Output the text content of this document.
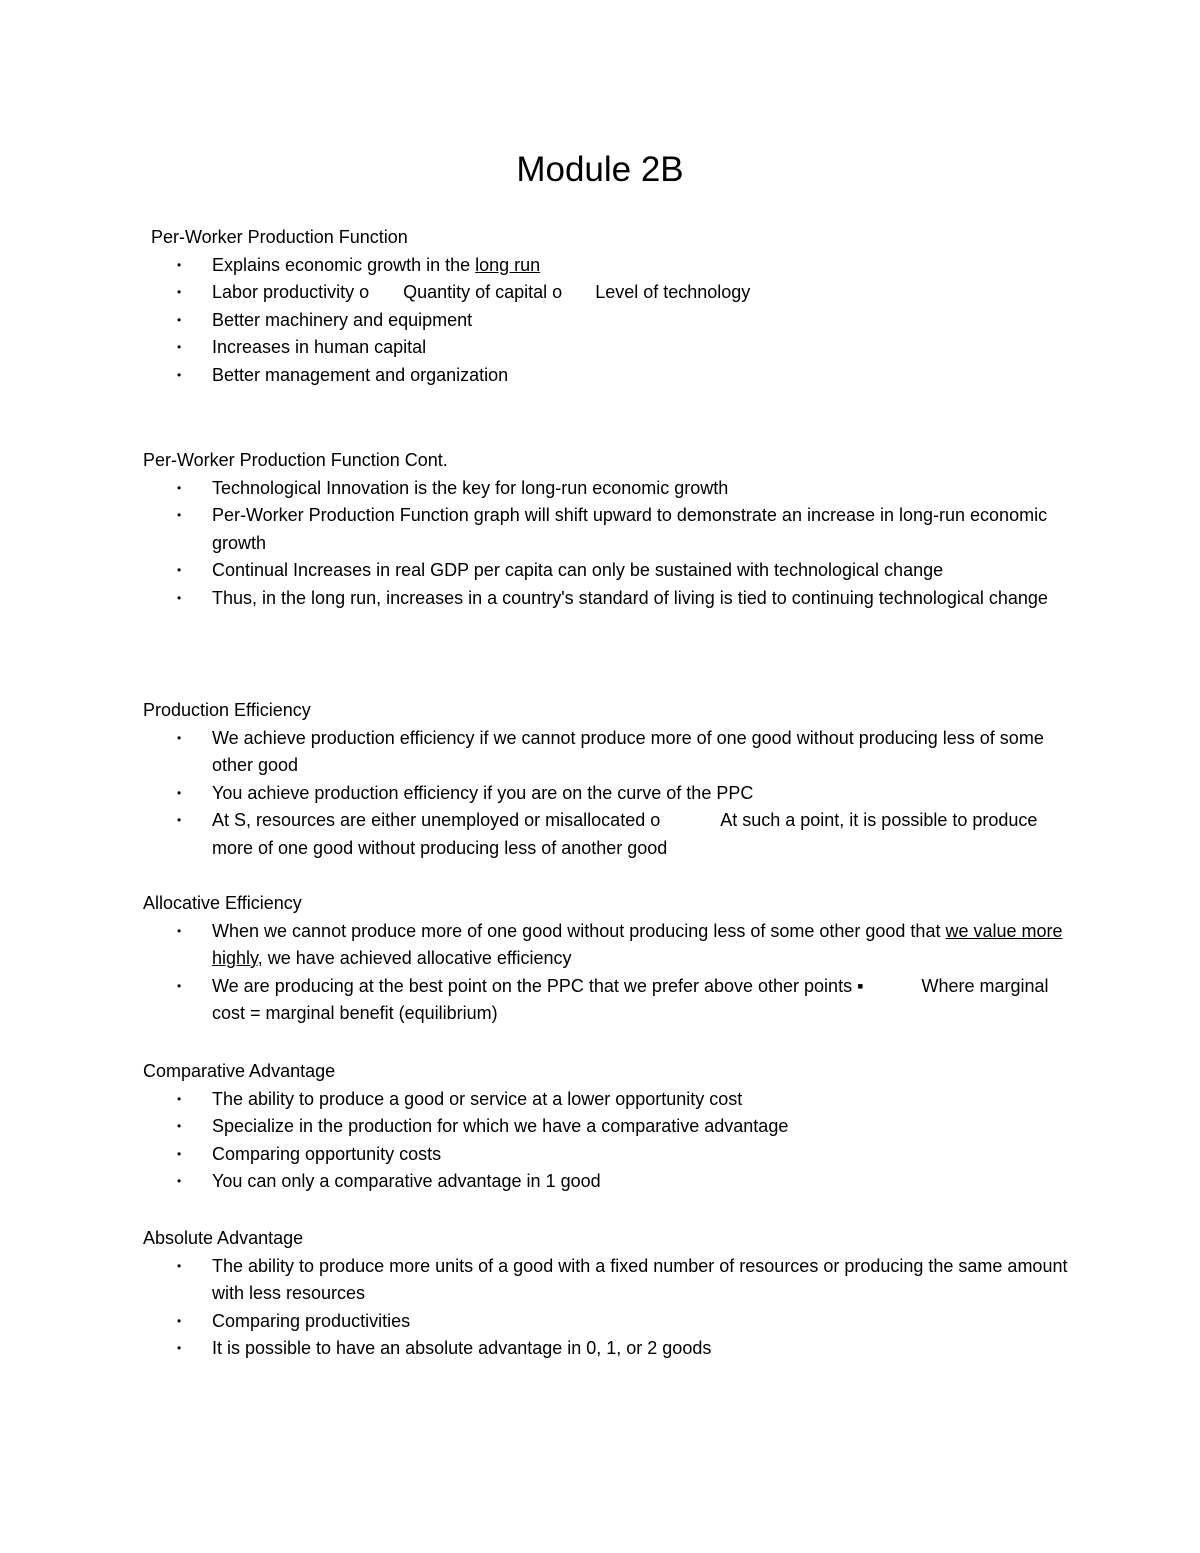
Module 2B
Per-Worker Production Function
• Explains economic growth in the long run
• Labor productivity o Quantity of capital o Level of technology
• Better machinery and equipment
• Increases in human capital
• Better management and organization
Per-Worker Production Function Cont.
• Technological Innovation is the key for long-run economic growth
• Per-Worker Production Function graph will shift upward to demonstrate an increase in long-run economic growth
• Continual Increases in real GDP per capita can only be sustained with technological change
• Thus, in the long run, increases in a country's standard of living is tied to continuing technological change
Production Efficiency
• We achieve production efficiency if we cannot produce more of one good without producing less of some other good
• You achieve production efficiency if you are on the curve of the PPC
• At S, resources are either unemployed or misallocated o	At such a point, it is possible to produce more of one good without producing less of another good
Allocative Efficiency
• When we cannot produce more of one good without producing less of some other good that we value more highly, we have achieved allocative efficiency
• We are producing at the best point on the PPC that we prefer above other points ▪	Where marginal cost = marginal benefit (equilibrium)
Comparative Advantage
• The ability to produce a good or service at a lower opportunity cost
• Specialize in the production for which we have a comparative advantage
• Comparing opportunity costs
• You can only a comparative advantage in 1 good
Absolute Advantage
• The ability to produce more units of a good with a fixed number of resources or producing the same amount with less resources
• Comparing productivities
• It is possible to have an absolute advantage in 0, 1, or 2 goods
